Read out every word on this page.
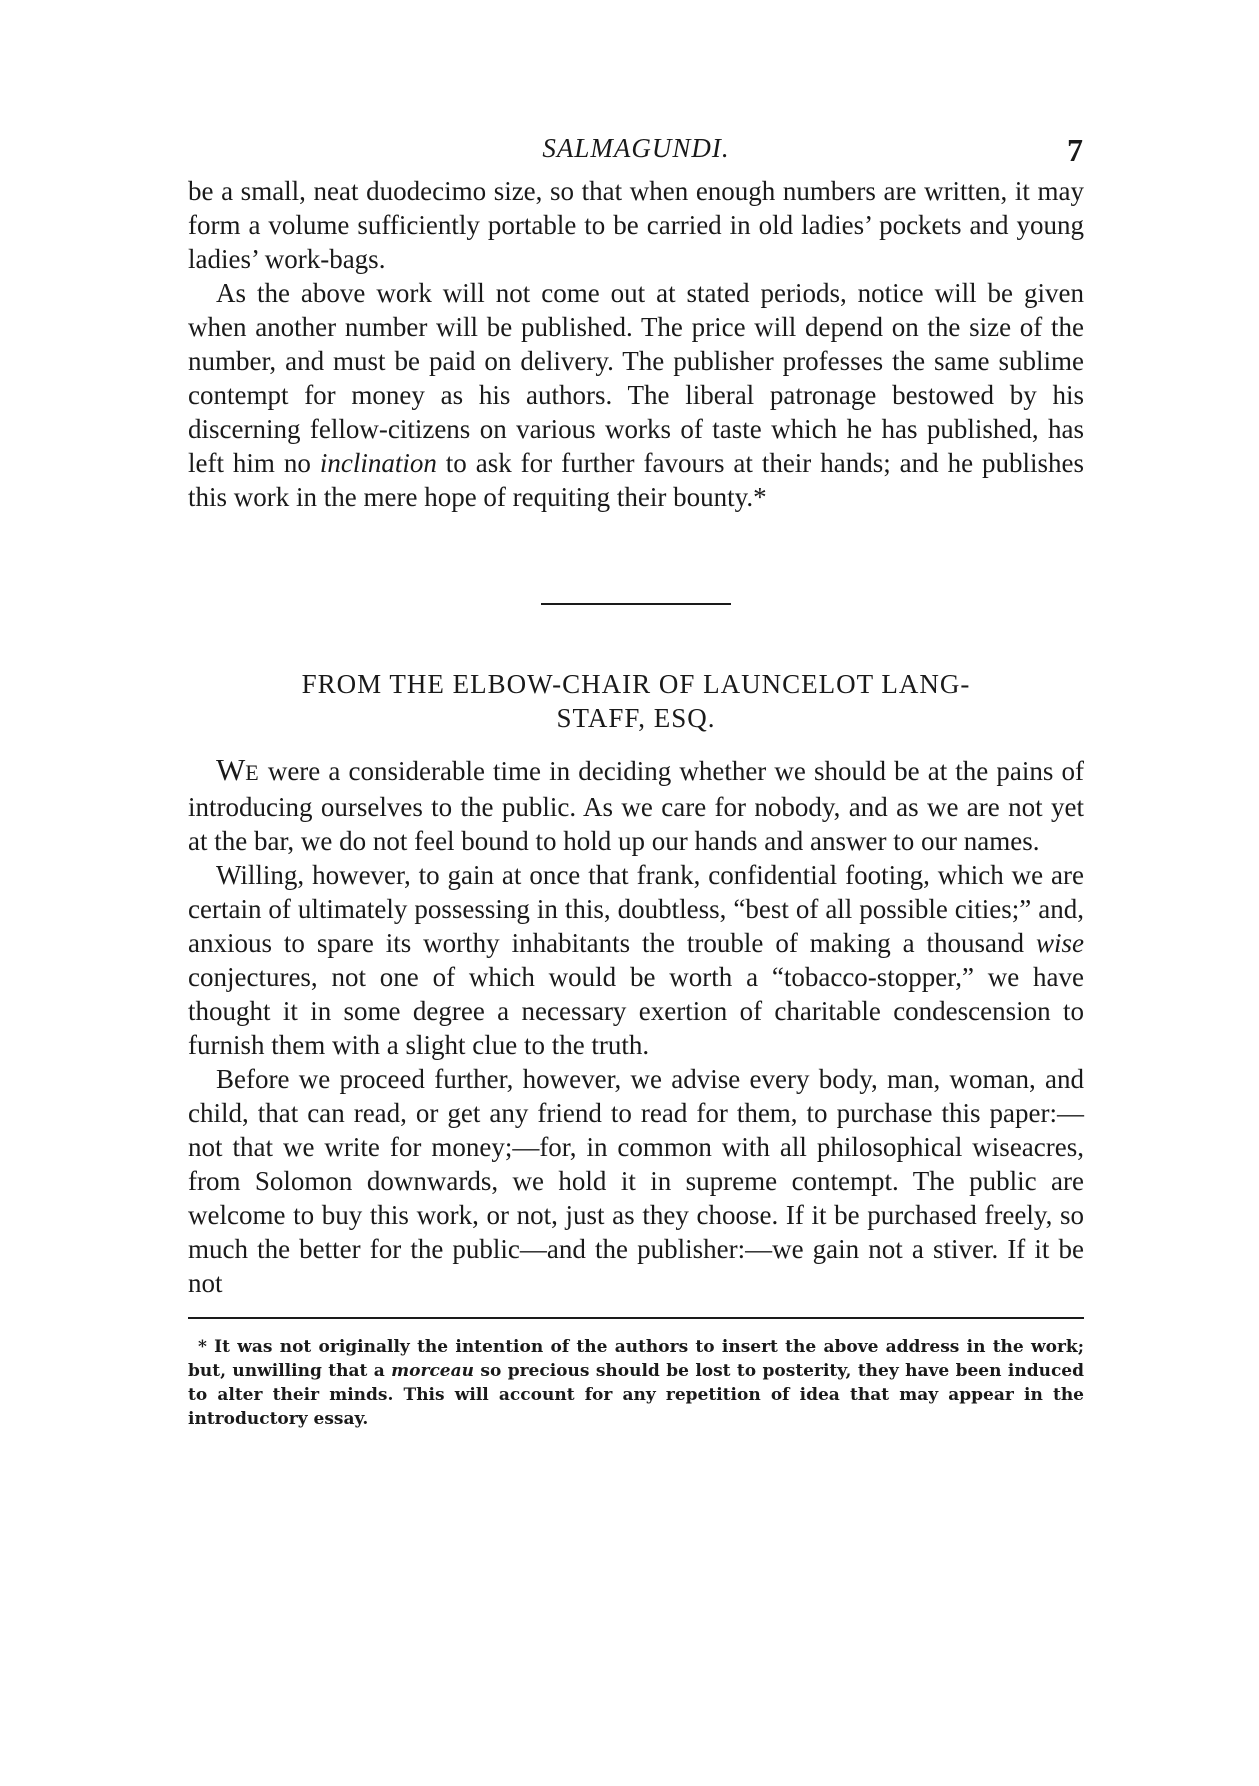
SALMAGUNDI.	7

be a small, neat duodecimo size, so that when enough numbers are written, it may form a volume sufficiently portable to be carried in old ladies’ pockets and young ladies’ work-bags.

As the above work will not come out at stated periods, notice will be given when another number will be published. The price will depend on the size of the number, and must be paid on delivery. The publisher professes the same sublime contempt for money as his authors. The liberal patronage bestowed by his discerning fellow-citizens on various works of taste which he has published, has left him no inclination to ask for further favours at their hands; and he publishes this work in the mere hope of requiting their bounty.*

FROM THE ELBOW-CHAIR OF LAUNCELOT LANG-
STAFF, ESQ.

WE were a considerable time in deciding whether we should be at the pains of introducing ourselves to the public. As we care for nobody, and as we are not yet at the bar, we do not feel bound to hold up our hands and answer to our names.

Willing, however, to gain at once that frank, confidential footing, which we are certain of ultimately possessing in this, doubtless, “best of all possible cities;” and, anxious to spare its worthy inhabitants the trouble of making a thousand wise conjectures, not one of which would be worth a “tobacco-stopper,” we have thought it in some degree a necessary exertion of charitable condescension to furnish them with a slight clue to the truth.

Before we proceed further, however, we advise every body, man, woman, and child, that can read, or get any friend to read for them, to purchase this paper:—not that we write for money;—for, in common with all philosophical wiseacres, from Solomon downwards, we hold it in supreme contempt. The public are welcome to buy this work, or not, just as they choose. If it be purchased freely, so much the better for the public—and the publisher:—we gain not a stiver. If it be not

* It was not originally the intention of the authors to insert the above address in the work; but, unwilling that a morceau so precious should be lost to posterity, they have been induced to alter their minds. This will account for any repetition of idea that may appear in the introductory essay.
